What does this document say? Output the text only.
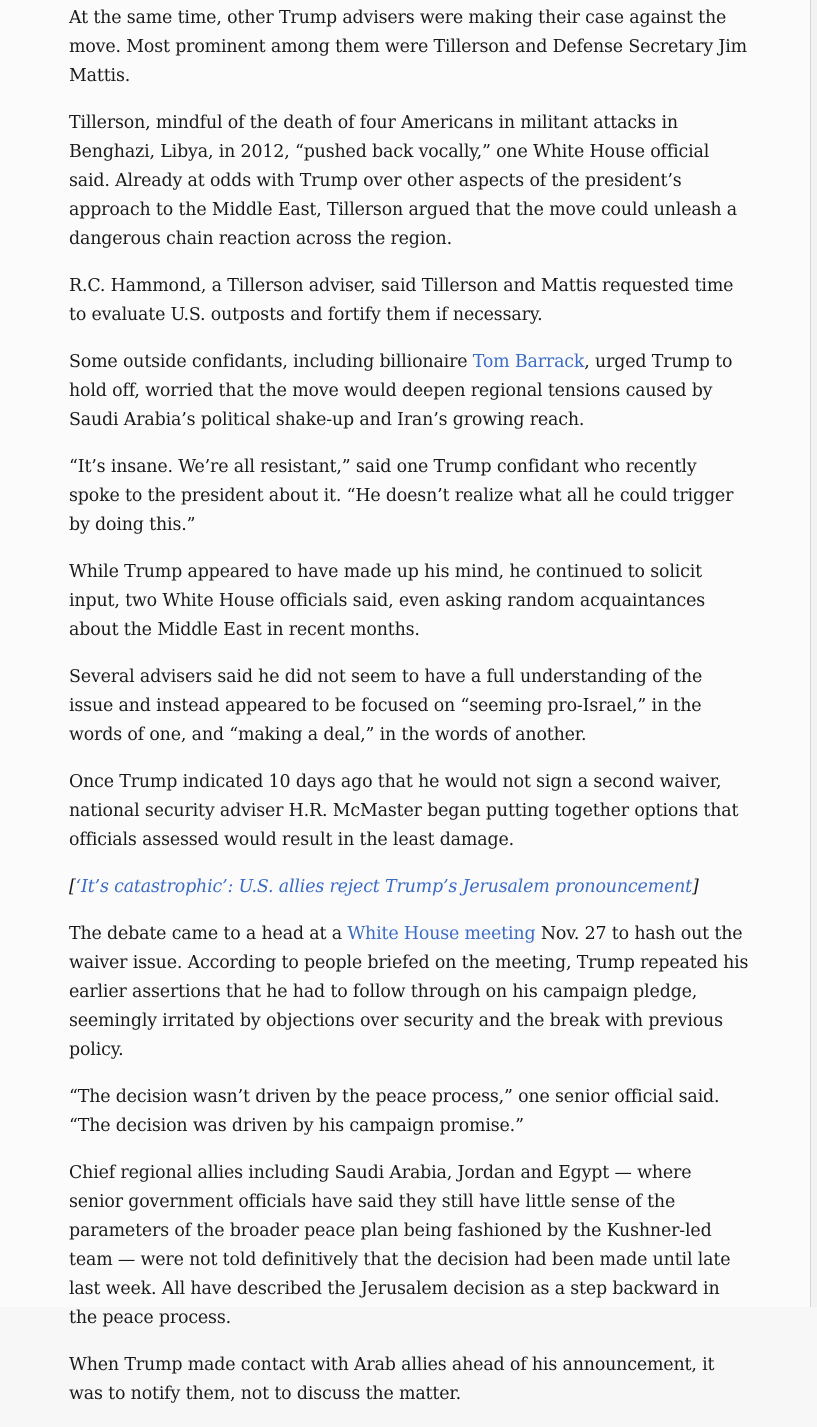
At the same time, other Trump advisers were making their case against the move. Most prominent among them were Tillerson and Defense Secretary Jim Mattis.

Tillerson, mindful of the death of four Americans in militant attacks in Benghazi, Libya, in 2012, “pushed back vocally,” one White House official said. Already at odds with Trump over other aspects of the president’s approach to the Middle East, Tillerson argued that the move could unleash a dangerous chain reaction across the region.

R.C. Hammond, a Tillerson adviser, said Tillerson and Mattis requested time to evaluate U.S. outposts and fortify them if necessary.

Some outside confidants, including billionaire Tom Barrack, urged Trump to hold off, worried that the move would deepen regional tensions caused by Saudi Arabia’s political shake-up and Iran’s growing reach.

“It’s insane. We’re all resistant,” said one Trump confidant who recently spoke to the president about it. “He doesn’t realize what all he could trigger by doing this.”

While Trump appeared to have made up his mind, he continued to solicit input, two White House officials said, even asking random acquaintances about the Middle East in recent months.

Several advisers said he did not seem to have a full understanding of the issue and instead appeared to be focused on “seeming pro-Israel,” in the words of one, and “making a deal,” in the words of another.

Once Trump indicated 10 days ago that he would not sign a second waiver, national security adviser H.R. McMaster began putting together options that officials assessed would result in the least damage.

[‘It’s catastrophic’: U.S. allies reject Trump’s Jerusalem pronouncement]

The debate came to a head at a White House meeting Nov. 27 to hash out the waiver issue. According to people briefed on the meeting, Trump repeated his earlier assertions that he had to follow through on his campaign pledge, seemingly irritated by objections over security and the break with previous policy.

“The decision wasn’t driven by the peace process,” one senior official said. “The decision was driven by his campaign promise.”

Chief regional allies including Saudi Arabia, Jordan and Egypt — where senior government officials have said they still have little sense of the parameters of the broader peace plan being fashioned by the Kushner-led team — were not told definitively that the decision had been made until late last week. All have described the Jerusalem decision as a step backward in the peace process.

When Trump made contact with Arab allies ahead of his announcement, it was to notify them, not to discuss the matter.
